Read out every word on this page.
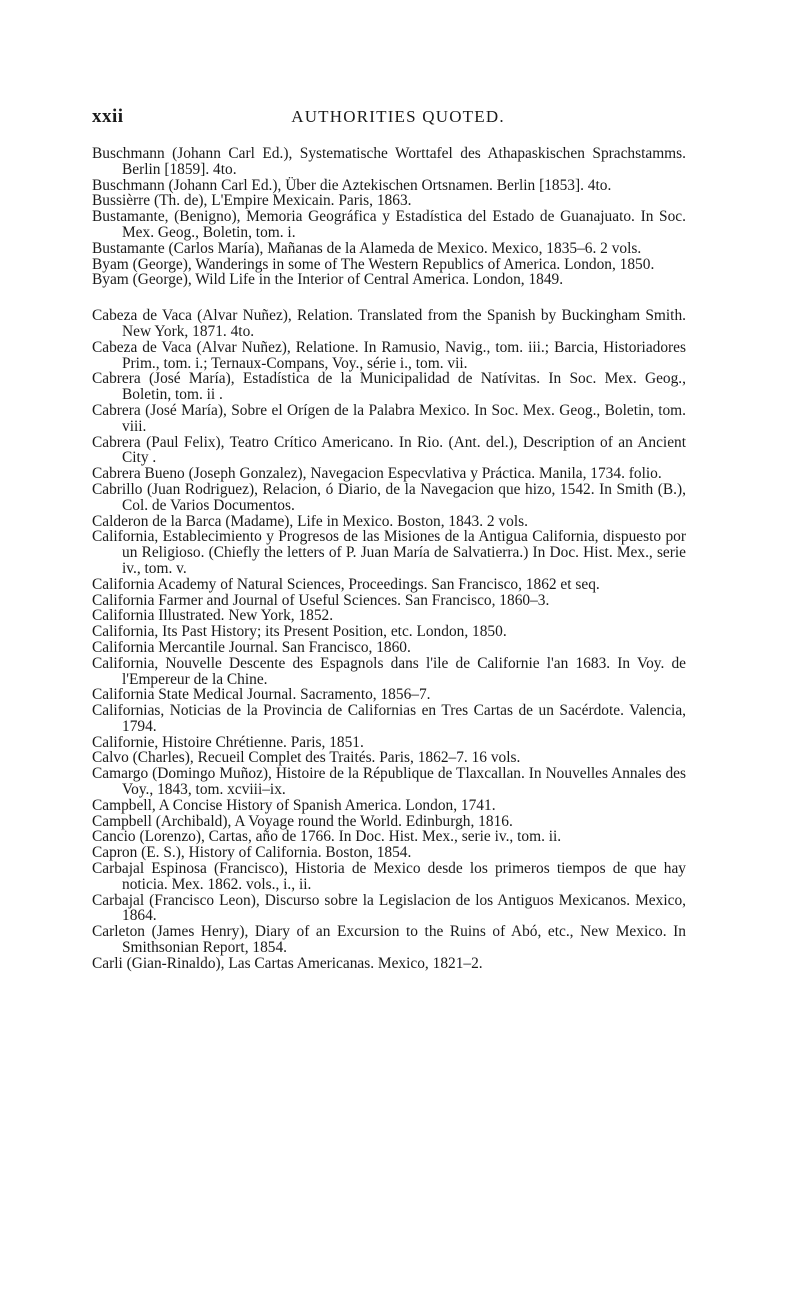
xxii	AUTHORITIES QUOTED.

Buschmann (Johann Carl Ed.), Systematische Worttafel des Athapaskischen Sprachstamms. Berlin [1859]. 4to.

Buschmann (Johann Carl Ed.), Über die Aztekischen Ortsnamen. Berlin [1853]. 4to.

Bussièrre (Th. de), L'Empire Mexicain. Paris, 1863.

Bustamante, (Benigno), Memoria Geográfica y Estadística del Estado de Guanajuato. In Soc. Mex. Geog., Boletin, tom. i.

Bustamante (Carlos María), Mañanas de la Alameda de Mexico. Mexico, 1835–6. 2 vols.

Byam (George), Wanderings in some of The Western Republics of America. London, 1850.

Byam (George), Wild Life in the Interior of Central America. London, 1849.

Cabeza de Vaca (Alvar Nuñez), Relation. Translated from the Spanish by Buckingham Smith. New York, 1871. 4to.

Cabeza de Vaca (Alvar Nuñez), Relatione. In Ramusio, Navig., tom. iii.; Barcia, Historiadores Prim., tom. i.; Ternaux-Compans, Voy., série i., tom. vii.

Cabrera (José María), Estadística de la Municipalidad de Natívitas. In Soc. Mex. Geog., Boletin, tom. ii .

Cabrera (José María), Sobre el Orígen de la Palabra Mexico. In Soc. Mex. Geog., Boletin, tom. viii.

Cabrera (Paul Felix), Teatro Crítico Americano. In Rio. (Ant. del.), Description of an Ancient City .

Cabrera Bueno (Joseph Gonzalez), Navegacion Especvlativa y Práctica. Manila, 1734. folio.

Cabrillo (Juan Rodriguez), Relacion, ó Diario, de la Navegacion que hizo, 1542. In Smith (B.), Col. de Varios Documentos.

Calderon de la Barca (Madame), Life in Mexico. Boston, 1843. 2 vols.

California, Establecimiento y Progresos de las Misiones de la Antigua California, dispuesto por un Religioso. (Chiefly the letters of P. Juan María de Salvatierra.) In Doc. Hist. Mex., serie iv., tom. v.

California Academy of Natural Sciences, Proceedings. San Francisco, 1862 et seq.

California Farmer and Journal of Useful Sciences. San Francisco, 1860–3.

California Illustrated. New York, 1852.

California, Its Past History; its Present Position, etc. London, 1850.

California Mercantile Journal. San Francisco, 1860.

California, Nouvelle Descente des Espagnols dans l'ile de Californie l'an 1683. In Voy. de l'Empereur de la Chine.

California State Medical Journal. Sacramento, 1856–7.

Californias, Noticias de la Provincia de Californias en Tres Cartas de un Sacérdote. Valencia, 1794.

Californie, Histoire Chrétienne. Paris, 1851.

Calvo (Charles), Recueil Complet des Traités. Paris, 1862–7. 16 vols.

Camargo (Domingo Muñoz), Histoire de la République de Tlaxcallan. In Nouvelles Annales des Voy., 1843, tom. xcviii–ix.

Campbell, A Concise History of Spanish America. London, 1741.

Campbell (Archibald), A Voyage round the World. Edinburgh, 1816.

Cancio (Lorenzo), Cartas, año de 1766. In Doc. Hist. Mex., serie iv., tom. ii.

Capron (E. S.), History of California. Boston, 1854.

Carbajal Espinosa (Francisco), Historia de Mexico desde los primeros tiempos de que hay noticia. Mex. 1862. vols., i., ii.

Carbajal (Francisco Leon), Discurso sobre la Legislacion de los Antiguos Mexicanos. Mexico, 1864.

Carleton (James Henry), Diary of an Excursion to the Ruins of Abó, etc., New Mexico. In Smithsonian Report, 1854.

Carli (Gian-Rinaldo), Las Cartas Americanas. Mexico, 1821–2.
